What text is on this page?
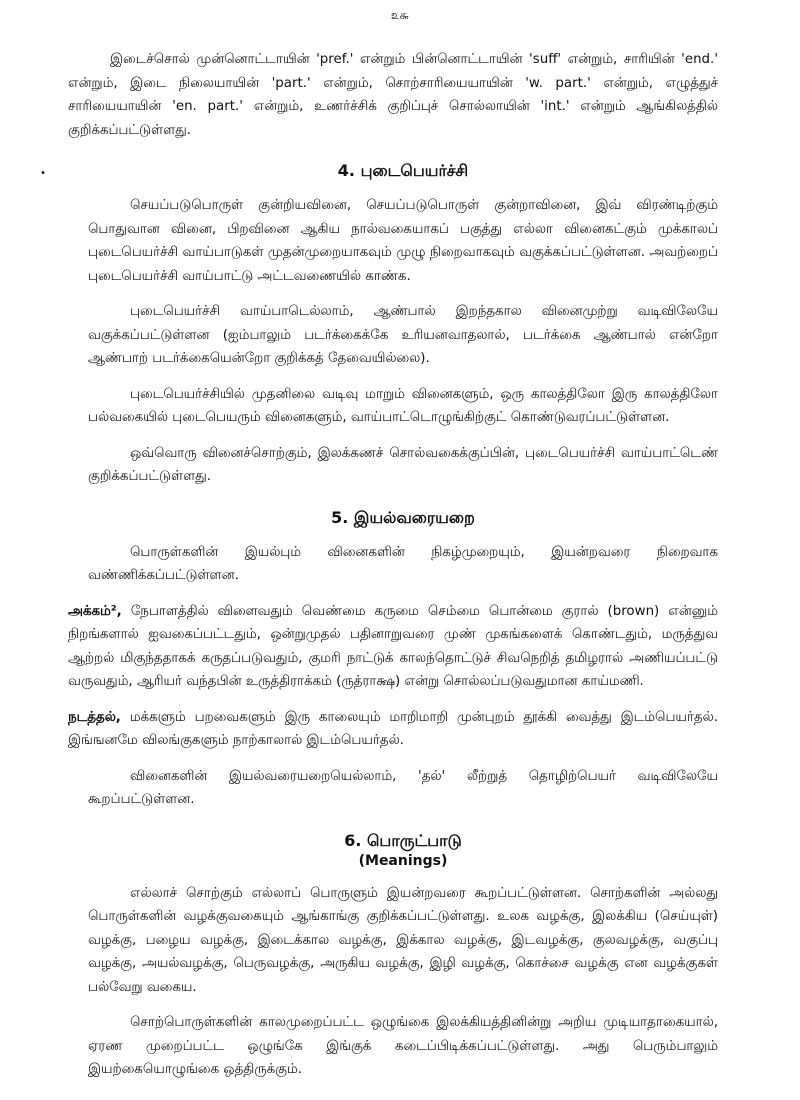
௨௬
•

இடைச்சொல் முன்னொட்டாயின் 'pref.' என்றும் பின்னொட்டாயின் 'suff' என்றும், சாரியின் 'end.' என்றும், இடை நிலையாயின் 'part.' என்றும், சொற்சாரியையாயின் 'w. part.' என்றும், எழுத்துச் சாரியையாயின் 'en. part.' என்றும், உணர்ச்சிக் குறிப்புச் சொல்லாயின் 'int.' என்றும் ஆங்கிலத்தில் குறிக்கப்பட்டுள்ளது.

4. புடைபெயர்ச்சி

செயப்படுபொருள் குன்றியவினை, செயப்படுபொருள் குன்றாவினை, இவ் விரண்டிற்கும் பொதுவான வினை, பிறவினை ஆகிய நால்வகையாகப் பகுத்து எல்லா வினைகட்கும் முக்காலப் புடைபெயர்ச்சி வாய்பாடுகள் முதன்முறையாகவும் முழு நிறைவாகவும் வகுக்கப்பட்டுள்ளன. அவற்றைப் புடைபெயர்ச்சி வாய்பாட்டு அட்டவணையில் காண்க.

புடைபெயர்ச்சி வாய்பாடெல்லாம், ஆண்பால் இறந்தகால வினைமுற்று வடிவிலேயே வகுக்கப்பட்டுள்ளன (ஐம்பாலும் படர்க்கைக்கே உரியனவாதலால், படர்க்கை ஆண்பால் என்றோ ஆண்பாற் படர்க்கையென்றோ குறிக்கத் தேவையில்லை).

புடைபெயர்ச்சியில் முதனிலை வடிவு மாறும் வினைகளும், ஒரு காலத்திலோ இரு காலத்திலோ பல்வகையில் புடைபெயரும் வினைகளும், வாய்பாட்டொழுங்கிற்குட் கொண்டுவரப்பட்டுள்ளன.

ஒவ்வொரு வினைச்சொற்கும், இலக்கணச் சொல்வகைக்குப்பின், புடைபெயர்ச்சி வாய்பாட்டெண் குறிக்கப்பட்டுள்ளது.

5. இயல்வரையறை

பொருள்களின் இயல்பும் வினைகளின் நிகழ்முறையும், இயன்றவரை நிறைவாக வண்ணிக்கப்பட்டுள்ளன.

அக்கம்², நேபாளத்தில் விளைவதும் வெண்மை கருமை செம்மை பொன்மை குரால் (brown) என்னும் நிறங்களால் ஐவகைப்பட்டதும், ஒன்றுமுதல் பதினாறுவரை முண் முகங்களைக் கொண்டதும், மருத்துவ ஆற்றல் மிகுந்ததாகக் கருதப்படுவதும், குமரி நாட்டுக் காலந்தொட்டுச் சிவநெறித் தமிழரால் அணியப்பட்டு வருவதும், ஆரியர் வந்தபின் உருத்திராக்கம் (ருத்ராக்ஷ) என்று சொல்லப்படுவதுமான காய்மணி.

நடத்தல், மக்களும் பறவைகளும் இரு காலையும் மாறிமாறி முன்புறம் தூக்கி வைத்து இடம்பெயர்தல். இங்ஙனமே விலங்குகளும் நாற்காலால் இடம்பெயர்தல்.

வினைகளின் இயல்வரையறையெல்லாம், 'தல்' லீற்றுத் தொழிற்பெயர் வடிவிலேயே கூறப்பட்டுள்ளன.

6. பொருட்பாடு
(Meanings)

எல்லாச் சொற்கும் எல்லாப் பொருளும் இயன்றவரை கூறப்பட்டுள்ளன. சொற்களின் அல்லது பொருள்களின் வழக்குவகையும் ஆங்காங்கு குறிக்கப்பட்டுள்ளது. உலக வழக்கு, இலக்கிய (செய்யுள்) வழக்கு, பழைய வழக்கு, இடைக்கால வழக்கு, இக்கால வழக்கு, இடவழக்கு, குலவழக்கு, வகுப்பு வழக்கு, அயல்வழக்கு, பெருவழக்கு, அருகிய வழக்கு, இழி வழக்கு, கொச்சை வழக்கு என வழக்குகள் பல்வேறு வகைய.

சொற்பொருள்களின் காலமுறைப்பட்ட ஒழுங்கை இலக்கியத்தினின்று அறிய முடியாதாகையால், ஏரண முறைப்பட்ட ஒழுங்கே இங்குக் கடைப்பிடிக்கப்பட்டுள்ளது. அது பெரும்பாலும் இயற்கையொழுங்கை ஒத்திருக்கும்.
